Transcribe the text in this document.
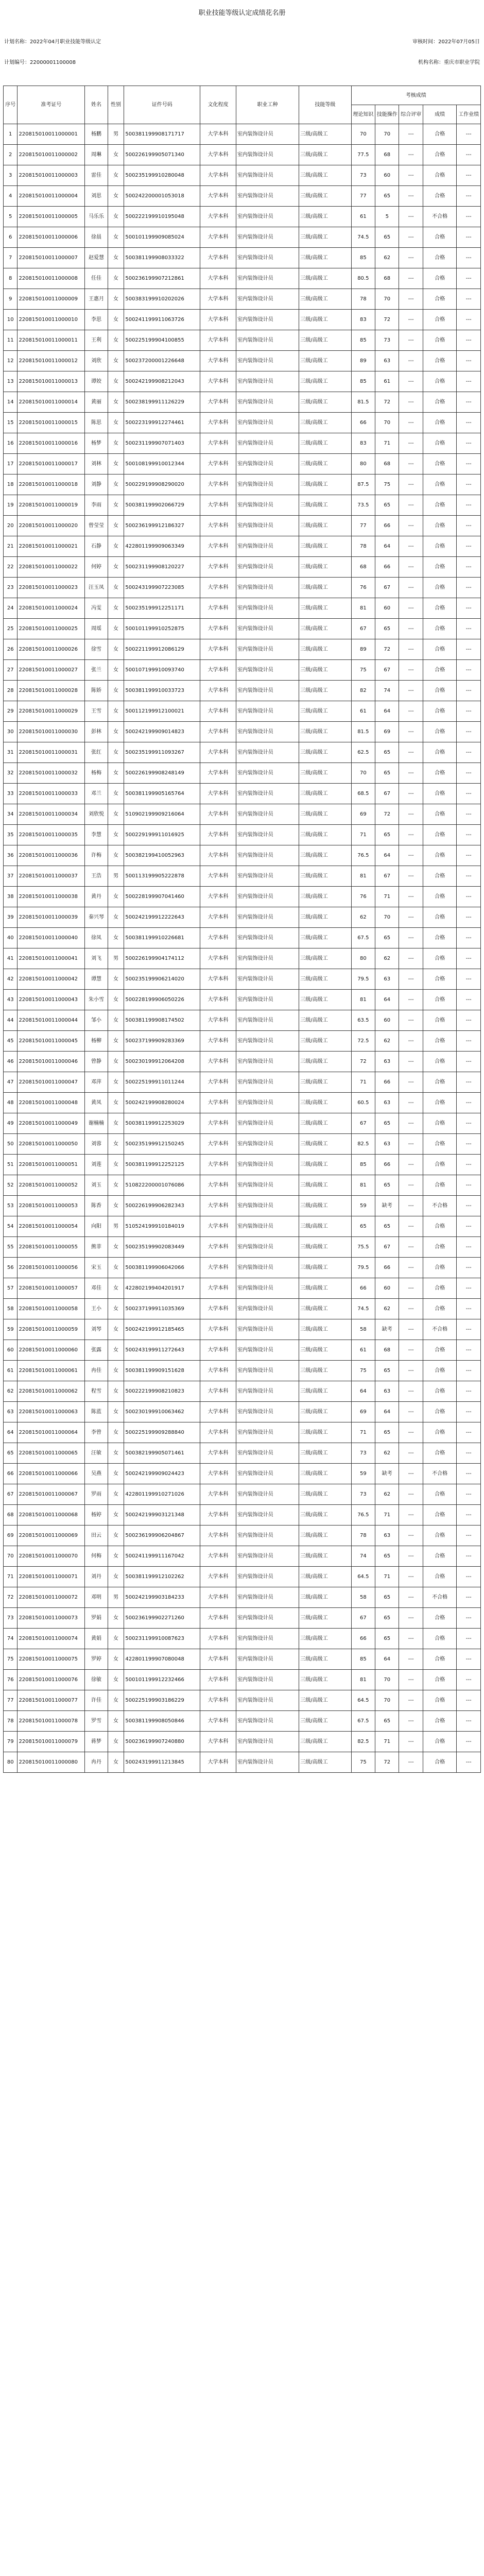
职业技能等级认定成绩花名册
计划名称：2022年04月职业技能等级认定	审核时间：2022年07月05日
计划编号：22000001100008	机构名称：重庆市职业学院
序号	准考证号	姓名	性别	证件号码	文化程度	职业工种	技能等级	考核成绩				
								理论知识	技能操作	综合评审	成绩	工作业绩
1	220815010011000001	杨鹏	男	500381199908171717	大学本科	室内装饰设计员	三级/高级工	70	70	---	合格	---
2	220815010011000002	周琳	女	500226199905071340	大学本科	室内装饰设计员	三级/高级工	77.5	68	---	合格	---
3	220815010011000003	雷佳	女	500235199910280048	大学本科	室内装饰设计员	三级/高级工	73	60	---	合格	---
4	220815010011000004	刘思	女	500242200001053018	大学本科	室内装饰设计员	三级/高级工	77	65	---	合格	---
5	220815010011000005	马乐乐	女	500222199910195048	大学本科	室内装饰设计员	三级/高级工	61	5	---	不合格	---
6	220815010011000006	徐晨	女	500101199909085024	大学本科	室内装饰设计员	三级/高级工	74.5	65	---	合格	---
7	220815010011000007	赵爱慧	女	500381199908033322	大学本科	室内装饰设计员	三级/高级工	85	62	---	合格	---
8	220815010011000008	任佳	女	500236199907212861	大学本科	室内装饰设计员	三级/高级工	80.5	68	---	合格	---
9	220815010011000009	王惠月	女	500383199910202026	大学本科	室内装饰设计员	三级/高级工	78	70	---	合格	---
10	220815010011000010	李思	女	500241199911063726	大学本科	室内装饰设计员	三级/高级工	83	72	---	合格	---
11	220815010011000011	王利	女	500225199904100855	大学本科	室内装饰设计员	三级/高级工	85	73	---	合格	---
12	220815010011000012	刘欣	女	500237200001226648	大学本科	室内装饰设计员	三级/高级工	89	63	---	合格	---
13	220815010011000013	谭姣	女	500242199908212043	大学本科	室内装饰设计员	三级/高级工	85	61	---	合格	---
14	220815010011000014	黄丽	女	500238199911126229	大学本科	室内装饰设计员	三级/高级工	81.5	72	---	合格	---
15	220815010011000015	陈思	女	500223199912274461	大学本科	室内装饰设计员	三级/高级工	66	70	---	合格	---
16	220815010011000016	杨梦	女	500231199907071403	大学本科	室内装饰设计员	三级/高级工	83	71	---	合格	---
17	220815010011000017	刘林	女	500108199910012344	大学本科	室内装饰设计员	三级/高级工	80	68	---	合格	---
18	220815010011000018	刘静	女	500229199908290020	大学本科	室内装饰设计员	三级/高级工	87.5	75	---	合格	---
19	220815010011000019	李雨	女	500381199902066729	大学本科	室内装饰设计员	三级/高级工	73.5	65	---	合格	---
20	220815010011000020	曾莹莹	女	500236199912186327	大学本科	室内装饰设计员	三级/高级工	77	66	---	合格	---
21	220815010011000021	石静	女	422801199909063349	大学本科	室内装饰设计员	三级/高级工	78	64	---	合格	---
22	220815010011000022	何婷	女	500231199908120227	大学本科	室内装饰设计员	三级/高级工	68	66	---	合格	---
23	220815010011000023	汪玉凤	女	500243199907223085	大学本科	室内装饰设计员	三级/高级工	76	67	---	合格	---
24	220815010011000024	冯雯	女	500235199912251171	大学本科	室内装饰设计员	三级/高级工	81	60	---	合格	---
25	220815010011000025	周瑶	女	500101199910252875	大学本科	室内装饰设计员	三级/高级工	67	65	---	合格	---
26	220815010011000026	徐雪	女	500221199912086129	大学本科	室内装饰设计员	三级/高级工	89	72	---	合格	---
27	220815010011000027	张兰	女	500107199910093740	大学本科	室内装饰设计员	三级/高级工	75	67	---	合格	---
28	220815010011000028	陈娇	女	500381199910033723	大学本科	室内装饰设计员	三级/高级工	82	74	---	合格	---
29	220815010011000029	王雪	女	500112199912100021	大学本科	室内装饰设计员	三级/高级工	61	64	---	合格	---
30	220815010011000030	彭林	女	500242199909014823	大学本科	室内装饰设计员	三级/高级工	81.5	69	---	合格	---
31	220815010011000031	张红	女	500235199911093267	大学本科	室内装饰设计员	三级/高级工	62.5	65	---	合格	---
32	220815010011000032	杨梅	女	500226199908248149	大学本科	室内装饰设计员	三级/高级工	70	65	---	合格	---
33	220815010011000033	邓兰	女	500381199905165764	大学本科	室内装饰设计员	三级/高级工	68.5	67	---	合格	---
34	220815010011000034	刘欣悦	女	510902199909216064	大学本科	室内装饰设计员	三级/高级工	69	72	---	合格	---
35	220815010011000035	李慧	女	500229199911016925	大学本科	室内装饰设计员	三级/高级工	71	65	---	合格	---
36	220815010011000036	许梅	女	500382199410052963	大学本科	室内装饰设计员	三级/高级工	76.5	64	---	合格	---
37	220815010011000037	王浩	男	500113199905222878	大学本科	室内装饰设计员	三级/高级工	81	67	---	合格	---
38	220815010011000038	黄丹	女	500228199907041460	大学本科	室内装饰设计员	三级/高级工	76	71	---	合格	---
39	220815010011000039	秦兴琴	女	500242199912222643	大学本科	室内装饰设计员	三级/高级工	62	70	---	合格	---
40	220815010011000040	徐凤	女	500381199910226681	大学本科	室内装饰设计员	三级/高级工	67.5	65	---	合格	---
41	220815010011000041	刘飞	男	500226199904174112	大学本科	室内装饰设计员	三级/高级工	80	62	---	合格	---
42	220815010011000042	谭慧	女	500235199906214020	大学本科	室内装饰设计员	三级/高级工	79.5	63	---	合格	---
43	220815010011000043	朱小雪	女	500228199906050226	大学本科	室内装饰设计员	三级/高级工	81	64	---	合格	---
44	220815010011000044	邹小	女	500381199908174502	大学本科	室内装饰设计员	三级/高级工	63.5	60	---	合格	---
45	220815010011000045	杨柳	女	500237199909283369	大学本科	室内装饰设计员	三级/高级工	72.5	62	---	合格	---
46	220815010011000046	曾静	女	500230199912064208	大学本科	室内装饰设计员	三级/高级工	72	63	---	合格	---
47	220815010011000047	邓萍	女	500225199911011244	大学本科	室内装饰设计员	三级/高级工	71	66	---	合格	---
48	220815010011000048	黄凤	女	500242199908280024	大学本科	室内装饰设计员	三级/高级工	60.5	63	---	合格	---
49	220815010011000049	谢楠楠	女	500381199912253029	大学本科	室内装饰设计员	三级/高级工	67	65	---	合格	---
50	220815010011000050	刘蓉	女	500235199912150245	大学本科	室内装饰设计员	三级/高级工	82.5	63	---	合格	---
51	220815010011000051	刘莲	女	500381199912252125	大学本科	室内装饰设计员	三级/高级工	85	66	---	合格	---
52	220815010011000052	刘玉	女	510822200001076086	大学本科	室内装饰设计员	三级/高级工	81	65	---	合格	---
53	220815010011000053	陈香	女	500226199906282343	大学本科	室内装饰设计员	三级/高级工	59	缺考	---	不合格	---
54	220815010011000054	向阳	男	510524199910184019	大学本科	室内装饰设计员	三级/高级工	65	65	---	合格	---
55	220815010011000055	熊菲	女	500235199902083449	大学本科	室内装饰设计员	三级/高级工	75.5	67	---	合格	---
56	220815010011000056	宋玉	女	500381199906042066	大学本科	室内装饰设计员	三级/高级工	79.5	66	---	合格	---
57	220815010011000057	邓佳	女	422802199404201917	大学本科	室内装饰设计员	三级/高级工	66	60	---	合格	---
58	220815010011000058	王小	女	500237199911035369	大学本科	室内装饰设计员	三级/高级工	74.5	62	---	合格	---
59	220815010011000059	刘琴	女	500242199912185465	大学本科	室内装饰设计员	三级/高级工	58	缺考	---	不合格	---
60	220815010011000060	张露	女	500243199911272643	大学本科	室内装饰设计员	三级/高级工	61	68	---	合格	---
61	220815010011000061	冉佳	女	500381199909151628	大学本科	室内装饰设计员	三级/高级工	75	65	---	合格	---
62	220815010011000062	程雪	女	500222199908210823	大学本科	室内装饰设计员	三级/高级工	64	63	---	合格	---
63	220815010011000063	陈蓝	女	500230199910063462	大学本科	室内装饰设计员	三级/高级工	69	64	---	合格	---
64	220815010011000064	李曾	女	500225199909288840	大学本科	室内装饰设计员	三级/高级工	71	65	---	合格	---
65	220815010011000065	汪敏	女	500382199905071461	大学本科	室内装饰设计员	三级/高级工	73	62	---	合格	---
66	220815010011000066	吴燕	女	500242199909024423	大学本科	室内装饰设计员	三级/高级工	59	缺考	---	不合格	---
67	220815010011000067	罗雨	女	422801199910271026	大学本科	室内装饰设计员	三级/高级工	73	62	---	合格	---
68	220815010011000068	杨婷	女	500242199903121348	大学本科	室内装饰设计员	三级/高级工	76.5	71	---	合格	---
69	220815010011000069	田云	女	500236199906204867	大学本科	室内装饰设计员	三级/高级工	78	63	---	合格	---
70	220815010011000070	何梅	女	500241199911167042	大学本科	室内装饰设计员	三级/高级工	74	65	---	合格	---
71	220815010011000071	刘丹	女	500381199912102262	大学本科	室内装饰设计员	三级/高级工	64.5	71	---	合格	---
72	220815010011000072	邓明	男	500242199903184233	大学本科	室内装饰设计员	三级/高级工	58	65	---	不合格	---
73	220815010011000073	罗娟	女	500236199902271260	大学本科	室内装饰设计员	三级/高级工	67	65	---	合格	---
74	220815010011000074	黄娟	女	500231199910087623	大学本科	室内装饰设计员	三级/高级工	66	65	---	合格	---
75	220815010011000075	罗婷	女	422801199907080048	大学本科	室内装饰设计员	三级/高级工	85	64	---	合格	---
76	220815010011000076	徐敏	女	500101199912232466	大学本科	室内装饰设计员	三级/高级工	81	70	---	合格	---
77	220815010011000077	许佳	女	500225199903186229	大学本科	室内装饰设计员	三级/高级工	64.5	70	---	合格	---
78	220815010011000078	罗雪	女	500381199908050846	大学本科	室内装饰设计员	三级/高级工	67.5	65	---	合格	---
79	220815010011000079	蒋梦	女	500236199907240880	大学本科	室内装饰设计员	三级/高级工	82.5	71	---	合格	---
80	220815010011000080	冉丹	女	500243199911213845	大学本科	室内装饰设计员	三级/高级工	75	72	---	合格	---
